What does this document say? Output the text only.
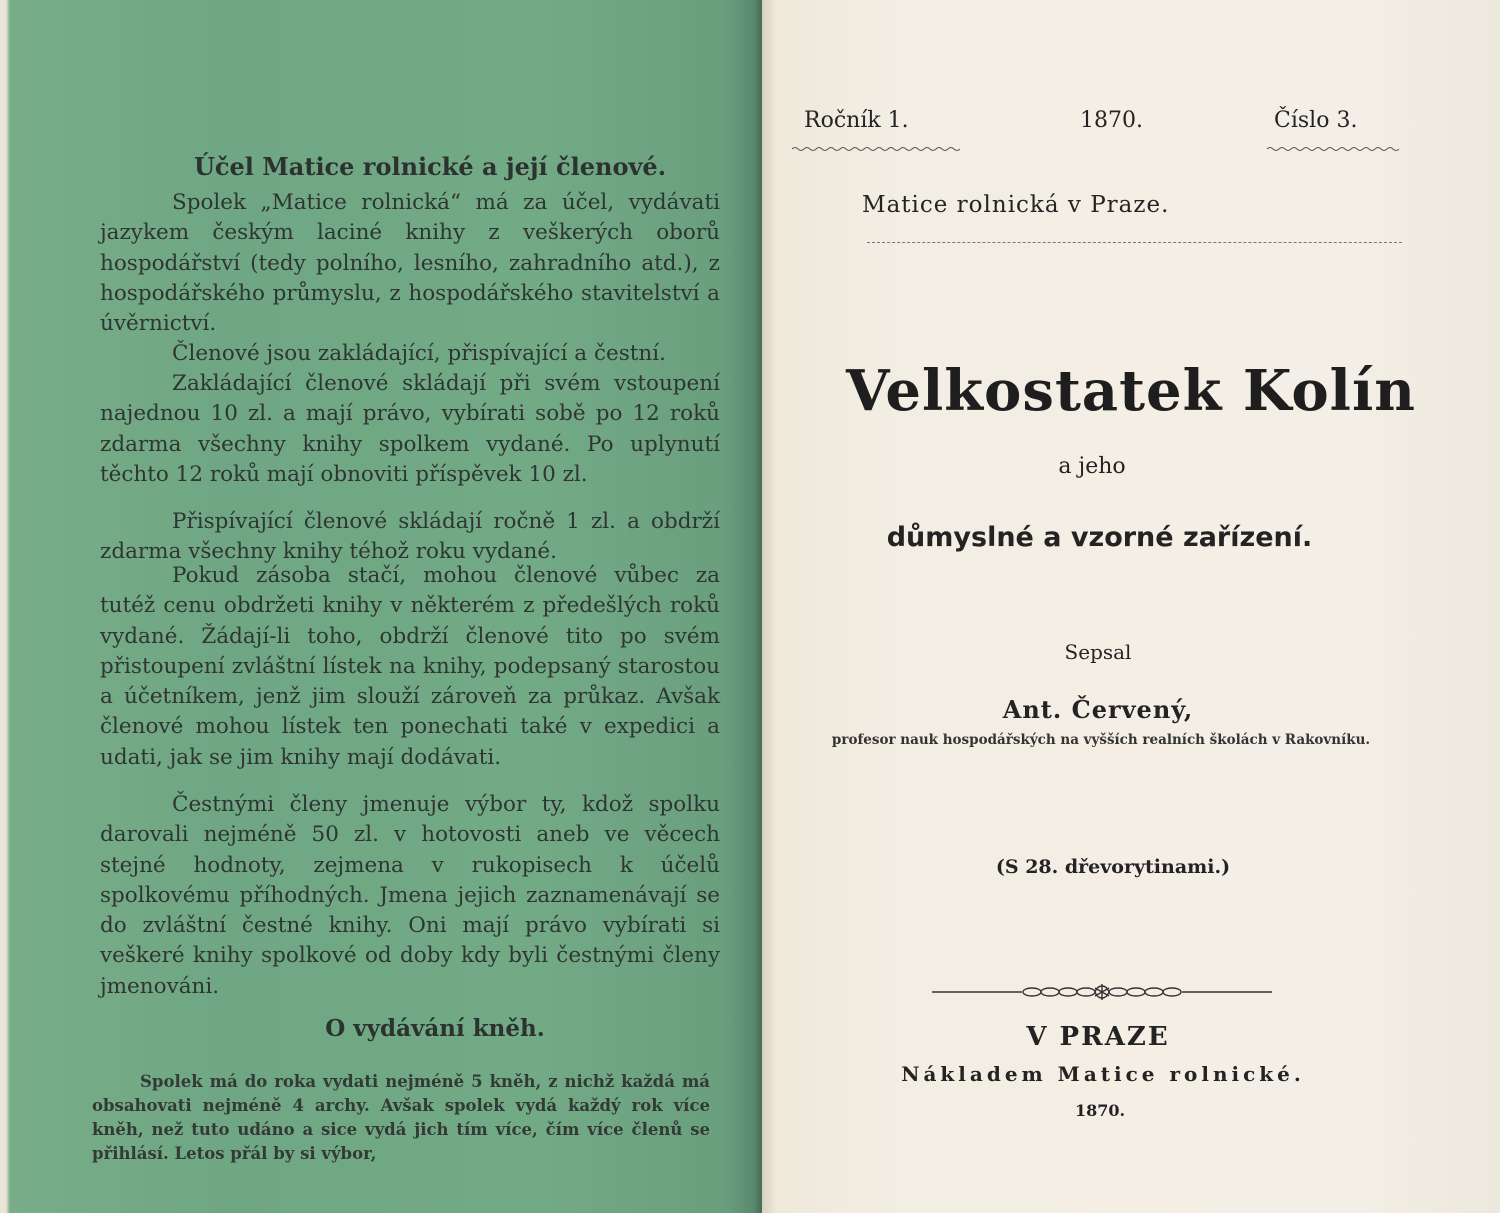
Účel Matice rolnické a její členové.

Spolek „Matice rolnická“ má za účel, vydávati jazykem českým laciné knihy z veškerých oborů hospodářství (tedy polního, lesního, zahradního atd.), z hospodářského průmyslu, z hospodářského stavitelství a úvěrnictví.

Členové jsou zakládající, přispívající a čestní.

Zakládající členové skládají při svém vstoupení najednou 10 zl. a mají právo, vybírati sobě po 12 roků zdarma všechny knihy spolkem vydané. Po uplynutí těchto 12 roků mají obnoviti příspěvek 10 zl.

Přispívající členové skládají ročně 1 zl. a obdrží zdarma všechny knihy téhož roku vydané.

Pokud zásoba stačí, mohou členové vůbec za tutéž cenu obdržeti knihy v některém z předešlých roků vydané. Žádají-li toho, obdrží členové tito po svém přistoupení zvláštní lístek na knihy, podepsaný starostou a účetníkem, jenž jim slouží zároveň za průkaz. Avšak členové mohou lístek ten ponechati také v expedici a udati, jak se jim knihy mají dodávati.

Čestnými členy jmenuje výbor ty, kdož spolku darovali nejméně 50 zl. v hotovosti aneb ve věcech stejné hodnoty, zejmena v rukopisech k účelů spolkovému příhodných. Jmena jejich zaznamenávají se do zvláštní čestné knihy. Oni mají právo vybírati si veškeré knihy spolkové od doby kdy byli čestnými členy jmenováni.

O vydávání kněh.

Spolek má do roka vydati nejméně 5 kněh, z nichž každá má obsahovati nejméně 4 archy. Avšak spolek vydá každý rok více kněh, než tuto udáno a sice vydá jich tím více, čím více členů se přihlásí. Letos přál by si výbor,

Ročník 1.	1870.	Číslo 3.

Matice rolnická v Praze.

Velkostatek Kolín

a jeho

důmyslné a vzorné zařízení.

Sepsal

Ant. Červený,

profesor nauk hospodářských na vyšších realních školách v Rakovníku.

(S 28. dřevorytinami.)

V PRAZE

Nákladem Matice rolnické.

1870.
